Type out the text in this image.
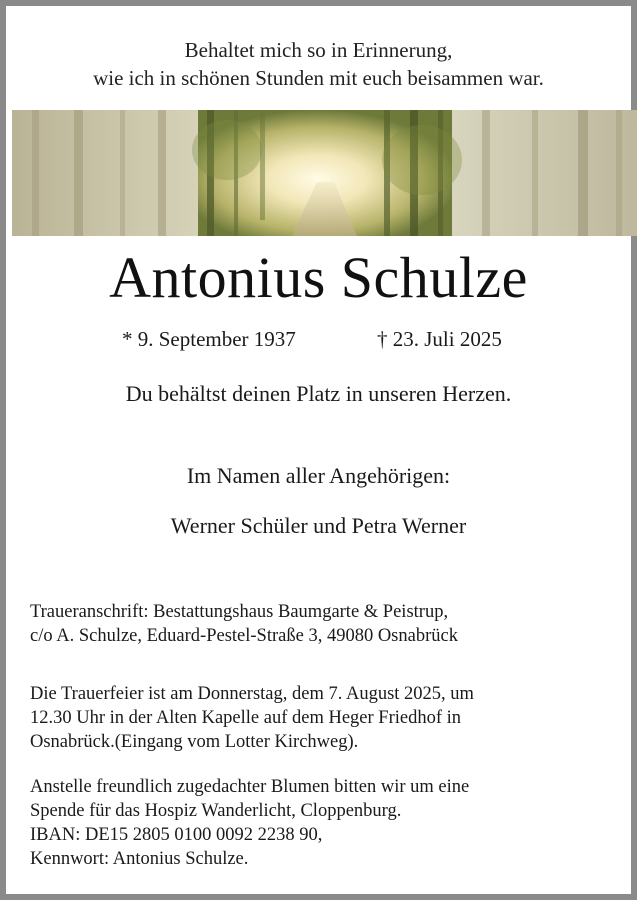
Behaltet mich so in Erinnerung,
wie ich in schönen Stunden mit euch beisammen war.
Antonius Schulze
* 9. September 1937	† 23. Juli 2025
Du behältst deinen Platz in unseren Herzen.
Im Namen aller Angehörigen:
Werner Schüler und Petra Werner
Traueranschrift: Bestattungshaus Baumgarte & Peistrup,
c/o A. Schulze, Eduard-Pestel-Straße 3, 49080 Osnabrück
Die Trauerfeier ist am Donnerstag, dem 7. August 2025, um
12.30 Uhr in der Alten Kapelle auf dem Heger Friedhof in
Osnabrück.(Eingang vom Lotter Kirchweg).
Anstelle freundlich zugedachter Blumen bitten wir um eine
Spende für das Hospiz Wanderlicht, Cloppenburg.
IBAN: DE15 2805 0100 0092 2238 90,
Kennwort: Antonius Schulze.
